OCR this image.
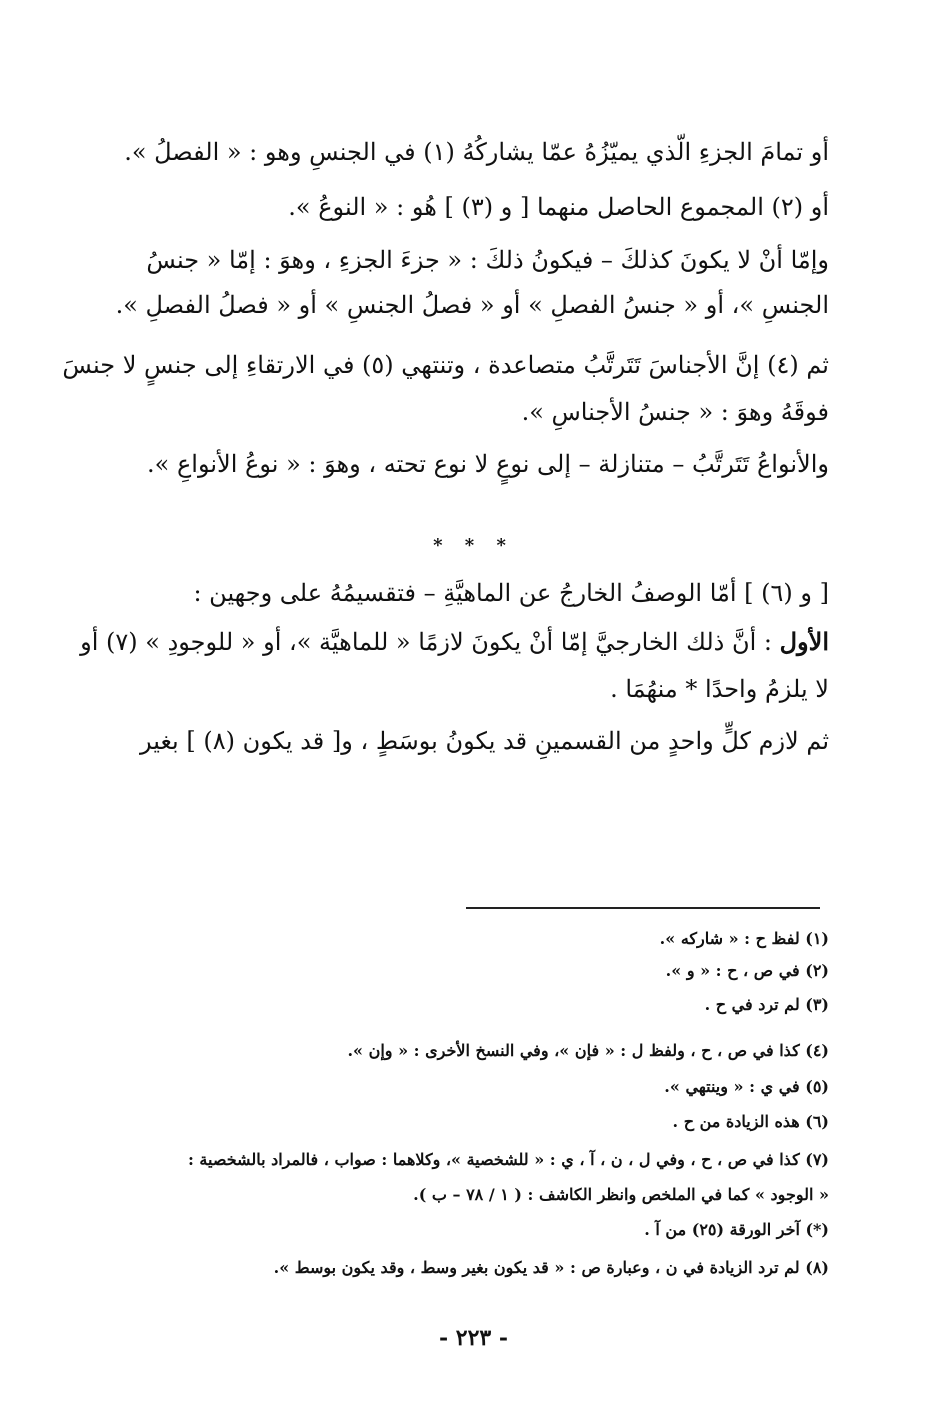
أو تمامَ الجزءِ الّذي يميّزُهُ عمّا يشاركُهُ (١) في الجنسِ وهو : « الفصلُ ».
أو (٢) المجموع الحاصل منهما [ و (٣) ] هُو : « النوعُ ».
وإمّا أنْ لا يكونَ كذلكَ – فيكونُ ذلكَ : « جزءَ الجزءِ ، وهوَ : إمّا « جنسُ
الجنسِ »، أو « جنسُ الفصلِ » أو « فصلُ الجنسِ » أو « فصلُ الفصلِ ».
ثم (٤) إنَّ الأجناسَ تَتَرتَّبُ متصاعدة ، وتنتهي (٥) في الارتقاءِ إلى جنسٍ لا جنسَ
فوقَهُ وهوَ : « جنسُ الأجناسِ ».
والأنواعُ تَتَرتَّبُ – متنازلة – إلى نوعٍ لا نوع تحته ، وهوَ : « نوعُ الأنواعِ ».
* * *
[ و (٦) ] أمّا الوصفُ الخارجُ عن الماهيَّةِ – فتقسيمُهُ على وجهين :
الأول : أنَّ ذلك الخارجيَّ إمّا أنْ يكونَ لازمًا « للماهيَّة »، أو « للوجودِ » (٧) أو
لا يلزمُ واحدًا * منهُمَا .
ثم لازم كلٍّ واحدٍ من القسمينِ قد يكونُ بوسَطٍ ، و[ قد يكون (٨) ] بغير
(١) لفظ ح : « شاركه ».
(٢) في ص ، ح : « و ».
(٣) لم ترد في ح .
(٤) كذا في ص ، ح ، ولفظ ل : « فإن »، وفي النسخ الأخرى : « وإن ».
(٥) في ي : « وينتهي ».
(٦) هذه الزيادة من ح .
(٧) كذا في ص ، ح ، وفي ل ، ن ، آ ، ي : « للشخصية »، وكلاهما : صواب ، فالمراد بالشخصية :
« الوجود » كما في الملخص وانظر الكاشف : ( ١ / ٧٨ – ب ).
(*) آخر الورقة (٢٥) من آ .
(٨) لم ترد الزيادة في ن ، وعبارة ص : « قد يكون بغير وسط ، وقد يكون بوسط ».
- ٢٢٣ -
